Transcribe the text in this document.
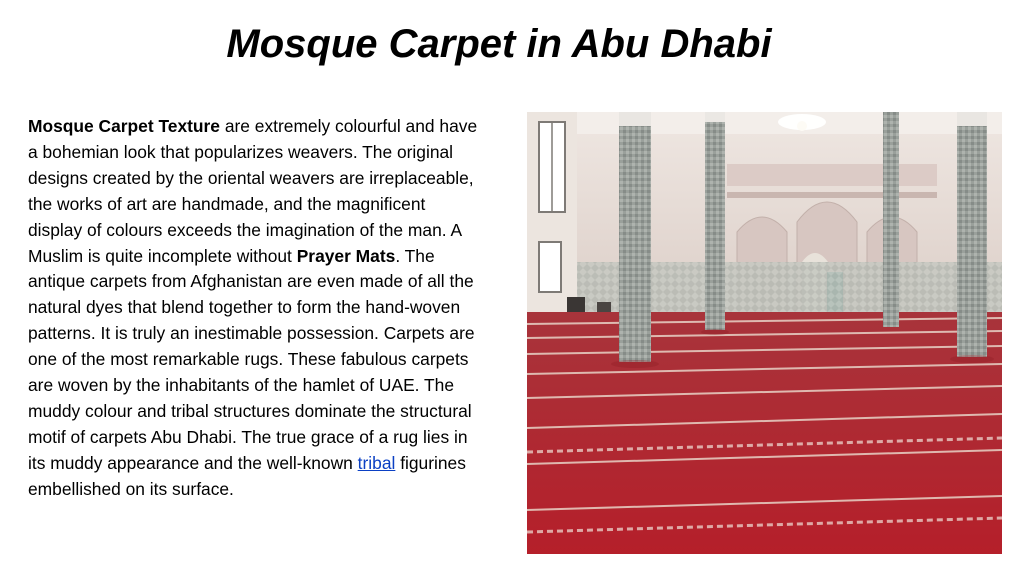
Mosque Carpet in Abu Dhabi
Mosque Carpet Texture are extremely colourful and have a bohemian look that popularizes weavers. The original designs created by the oriental weavers are irreplaceable, the works of art are handmade, and the magnificent display of colours exceeds the imagination of the man. A Muslim is quite incomplete without Prayer Mats. The antique carpets from Afghanistan are even made of all the natural dyes that blend together to form the hand-woven patterns. It is truly an inestimable possession. Carpets are one of the most remarkable rugs. These fabulous carpets are woven by the inhabitants of the hamlet of UAE. The muddy colour and tribal structures dominate the structural motif of carpets Abu Dhabi. The true grace of a rug lies in its muddy appearance and the well-known tribal figurines embellished on its surface.
